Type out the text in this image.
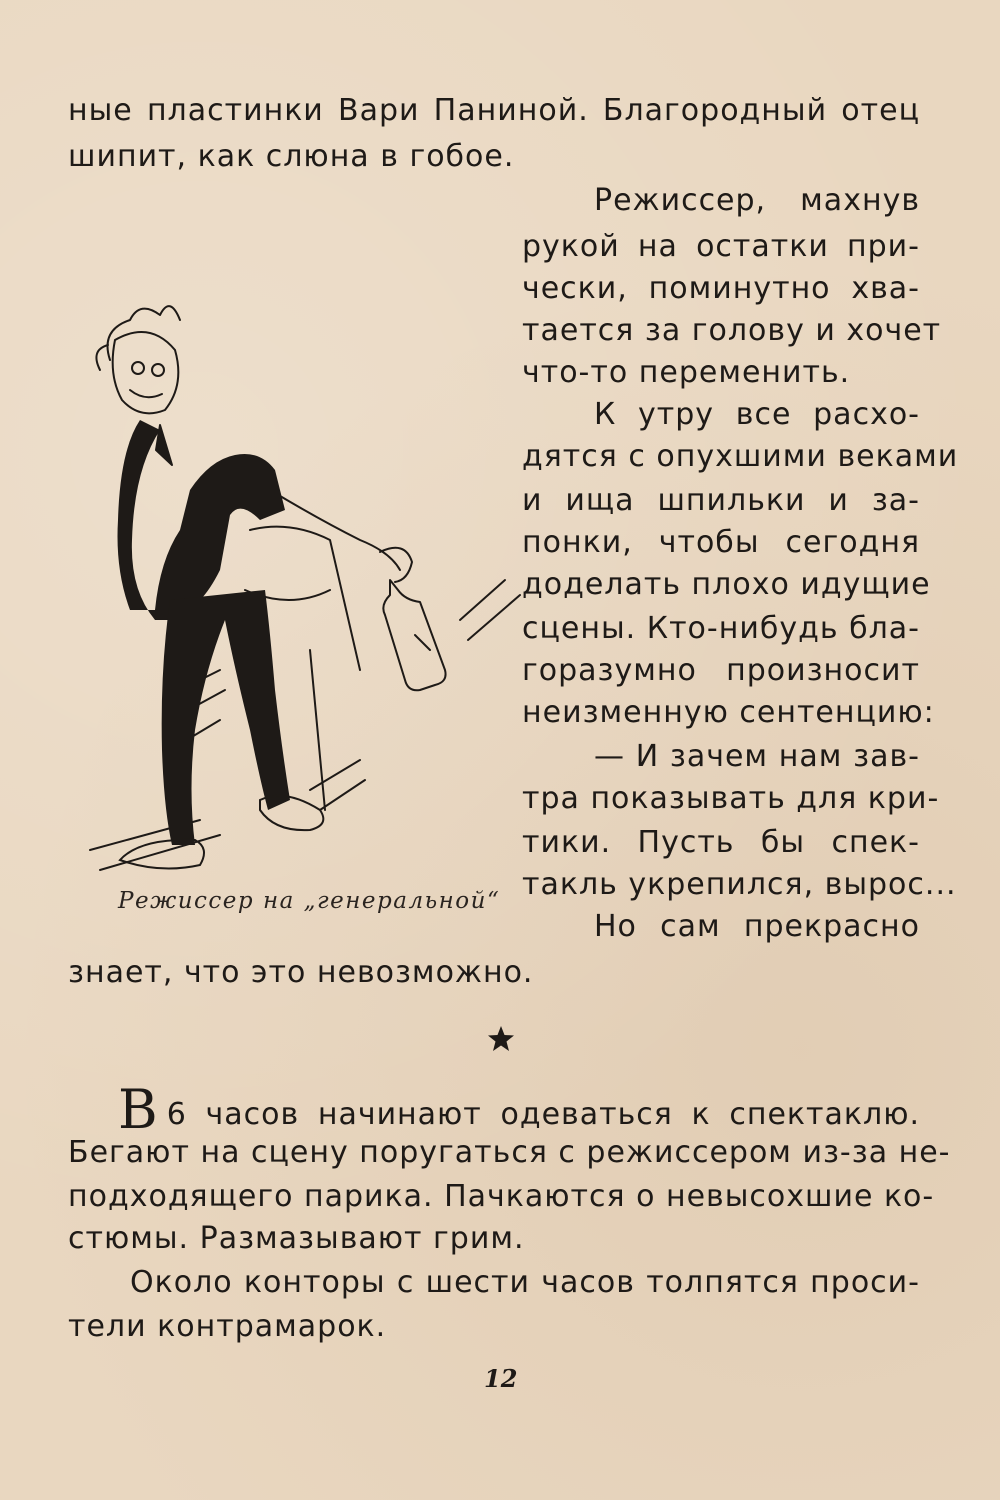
ные пластинки Вари Паниной. Благородный отец
шипит, как слюна в гобое.
Режиссер, махнув
рукой на остатки при-
чески, поминутно хва-
тается за голову и хочет
что-то переменить.
К утру все расхо-
дятся с опухшими веками
и ища шпильки и за-
понки, чтобы сегодня
доделать плохо идущие
сцены. Кто-нибудь бла-
горазумно произносит
неизменную сентенцию:
— И зачем нам зав-
тра показывать для кри-
тики. Пусть бы спек-
такль укрепился, вырос...
Но сам прекрасно
Режиссер на „генеральной“
знает, что это невозможно.
В 6 часов начинают одеваться к спектаклю.
Бегают на сцену поругаться с режиссером из-за не-
подходящего парика. Пачкаются о невысохшие ко-
стюмы. Размазывают грим.
Около конторы с шести часов толпятся проси-
тели контрамарок.
12
